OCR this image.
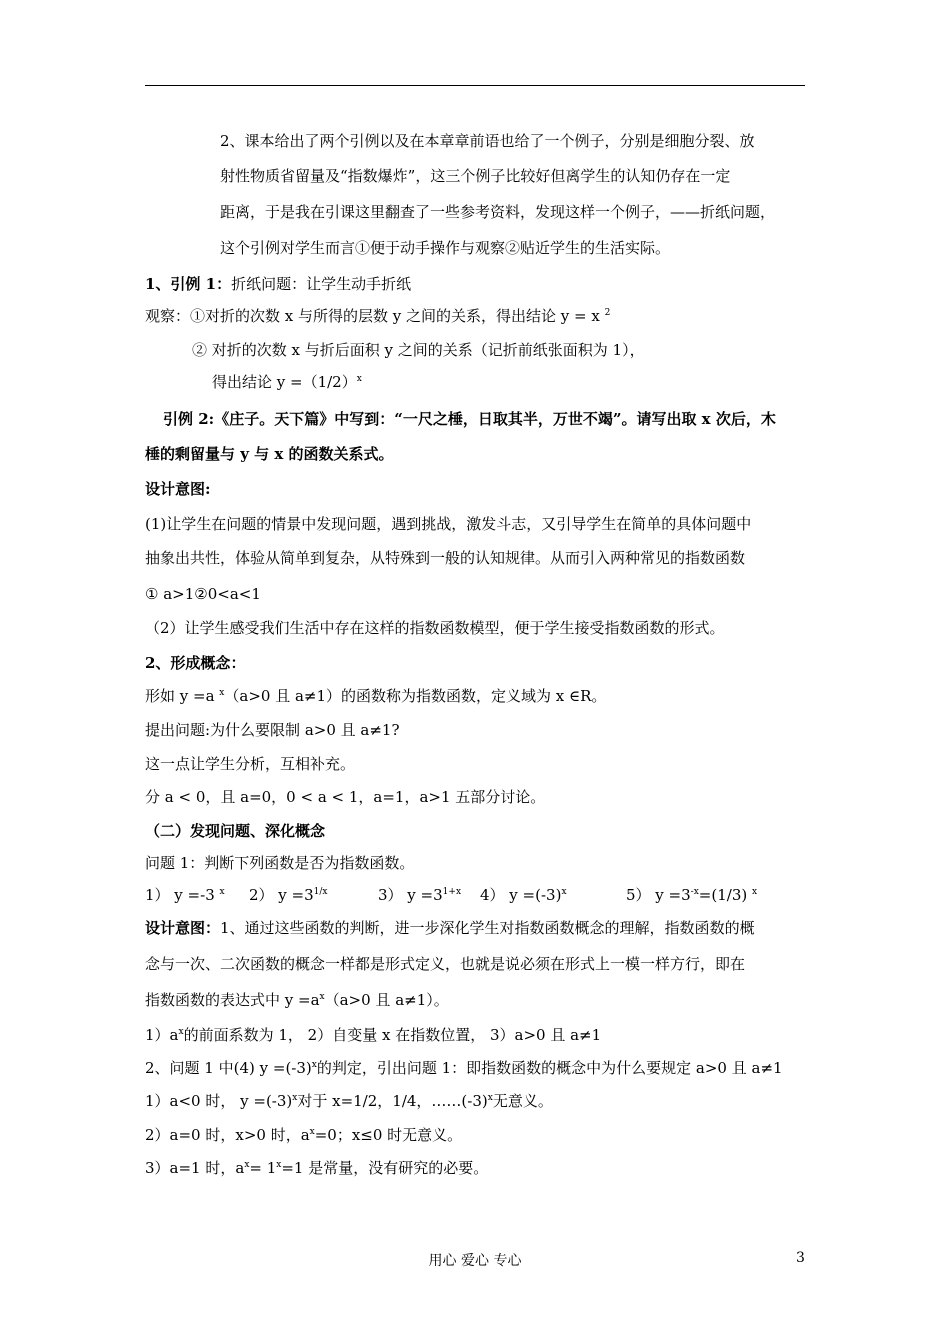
2、课本给出了两个引例以及在本章章前语也给了一个例子，分别是细胞分裂、放
射性物质省留量及“指数爆炸”，这三个例子比较好但离学生的认知仍存在一定
距离，于是我在引课这里翻查了一些参考资料，发现这样一个例子，——折纸问题，
这个引例对学生而言①便于动手操作与观察②贴近学生的生活实际。
1、引例 1：折纸问题：让学生动手折纸
观察：①对折的次数 x 与所得的层数 y 之间的关系，得出结论 y = x $^2$
② 对折的次数 x 与折后面积 y 之间的关系（记折前纸张面积为 1），
得出结论 $y =(1/2)^x$
引例 2:《庄子。天下篇》中写到：“一尺之棰，日取其半，万世不竭”。请写出取 x 次后，木
棰的剩留量与 y 与 x 的函数关系式。
设计意图:
(1)让学生在问题的情景中发现问题，遇到挑战，激发斗志，又引导学生在简单的具体问题中
抽象出共性，体验从简单到复杂，从特殊到一般的认知规律。从而引入两种常见的指数函数
① a>1②0<a<1
（2）让学生感受我们生活中存在这样的指数函数模型，便于学生接受指数函数的形式。
2、形成概念：
形如 y =a $^x$（a>0 且 a≠1）的函数称为指数函数，定义域为 x ∈R。
提出问题:为什么要限制 a>0 且 a≠1?
这一点让学生分析，互相补充。
分 a < 0，且 a=0，0 < a < 1，a=1，a>1 五部分讨论。
（二）发现问题、深化概念
问题 1：判断下列函数是否为指数函数。
1） y =-3 $^x$ 2） $y =3^{1/x}$	3） $y =3^{1+x}$ 4） $y =(-3)^x$	5） $y =3^{-x}=(1/3)$ $^x$
设计意图：1、通过这些函数的判断，进一步深化学生对指数函数概念的理解，指数函数的概
念与一次、二次函数的概念一样都是形式定义，也就是说必须在形式上一模一样方行，即在
指数函数的表达式中 $y =a^x(a>0$ 且 a≠1）。
$1)a^x$的前面系数为 1， 2）自变量 x 在指数位置， 3）a>0 且 a≠1
2、问题 1 中(4) $y =(-3)^x$的判定，引出问题 1：即指数函数的概念中为什么要规定 a>0 且 a≠1
1）a<0 时， $y =(-3)^x$对于 x=1/2，1/4，$\dots\dots(-3)^x$无意义。
2）a=0 时，x>0 时，$a^x=0$；x≤0 时无意义。
3）a=1 时，$a^x= 1^x=1$ 是常量，没有研究的必要。
用心 爱心 专心	3
